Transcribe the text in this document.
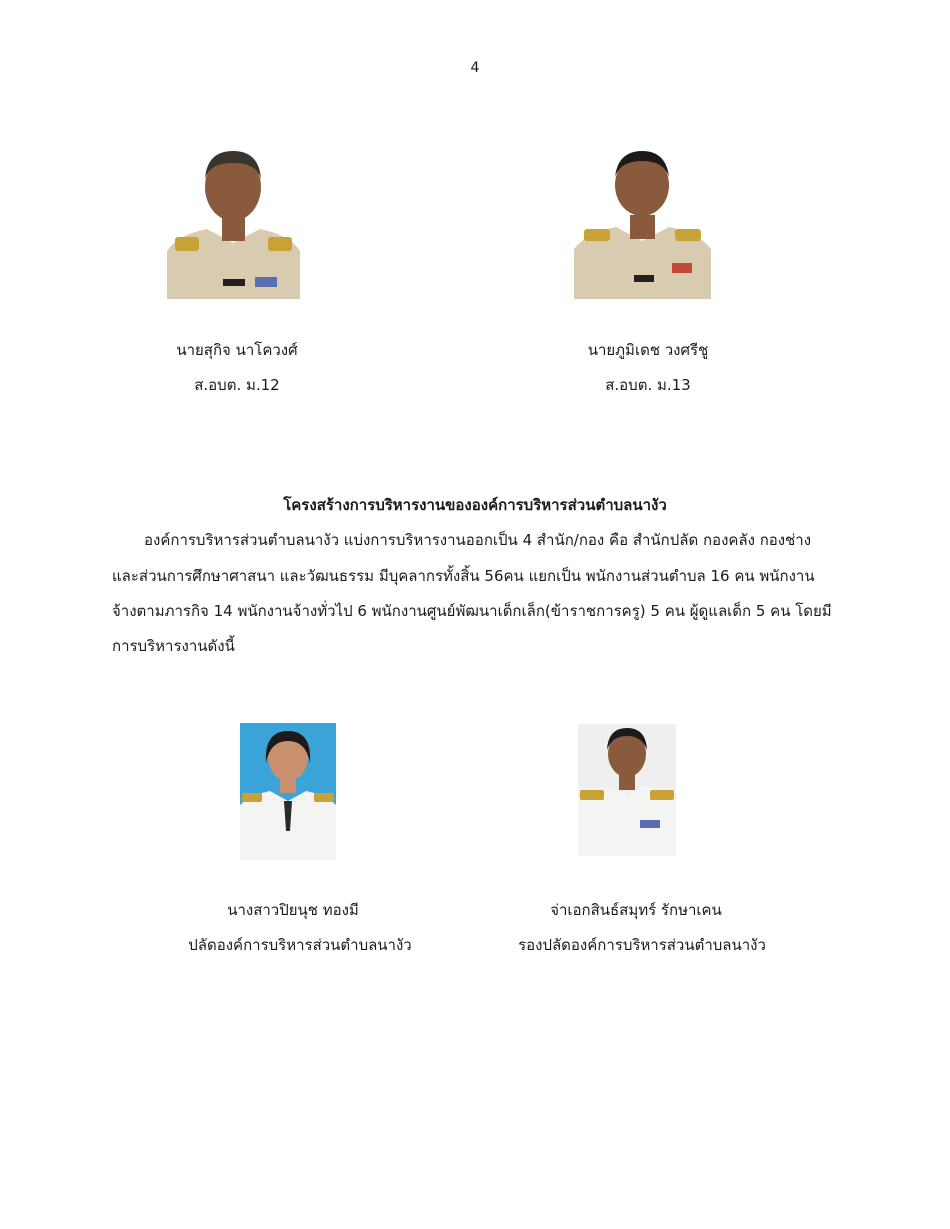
4
นายสุกิจ นาโควงศ์
ส.อบต. ม.12
นายภูมิเดช วงศรีชู
ส.อบต. ม.13
โครงสร้างการบริหารงานขององค์การบริหารส่วนตำบลนางัว
องค์การบริหารส่วนตำบลนางัว แบ่งการบริหารงานออกเป็น 4 สำนัก/กอง คือ สำนักปลัด กองคลัง กองช่าง
และส่วนการศึกษาศาสนา และวัฒนธรรม มีบุคลากรทั้งสิ้น 56คน แยกเป็น พนักงานส่วนตำบล 16 คน พนักงาน
จ้างตามภารกิจ 14 พนักงานจ้างทั่วไป 6 พนักงานศูนย์พัฒนาเด็กเล็ก(ข้าราชการครู) 5 คน ผู้ดูแลเด็ก 5 คน โดยมี
การบริหารงานดังนี้
นางสาวปิยนุช ทองมี
ปลัดองค์การบริหารส่วนตำบลนางัว
จ่าเอกสินธ์สมุทร์ รักษาเคน
รองปลัดองค์การบริหารส่วนตำบลนางัว
